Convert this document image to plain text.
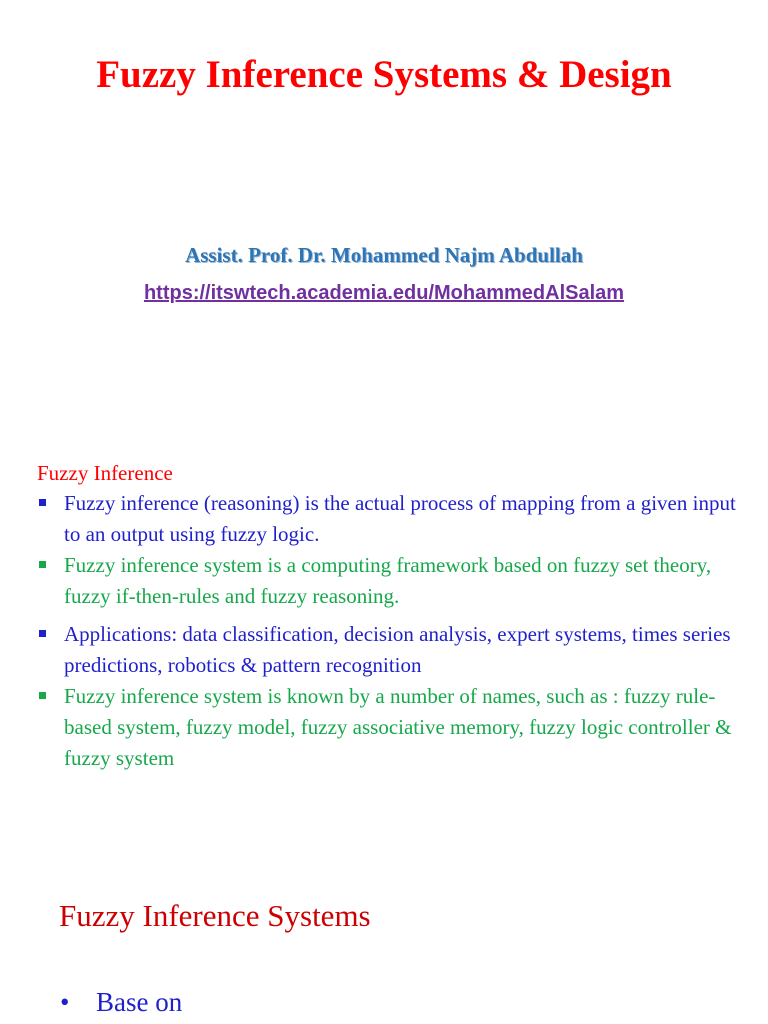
Fuzzy Inference Systems & Design
Assist. Prof. Dr. Mohammed Najm Abdullah
https://itswtech.academia.edu/MohammedAlSalam
Fuzzy Inference
Fuzzy inference (reasoning) is the actual process of mapping from a given input to an output using fuzzy logic.
Fuzzy inference system is a computing framework based on fuzzy set theory, fuzzy if-then-rules and fuzzy reasoning.
Applications: data classification, decision analysis, expert systems, times series predictions, robotics & pattern recognition
Fuzzy inference system is known by a number of names, such as : fuzzy rule-based system, fuzzy model, fuzzy associative memory, fuzzy logic controller & fuzzy system
Fuzzy Inference Systems
• Base on
